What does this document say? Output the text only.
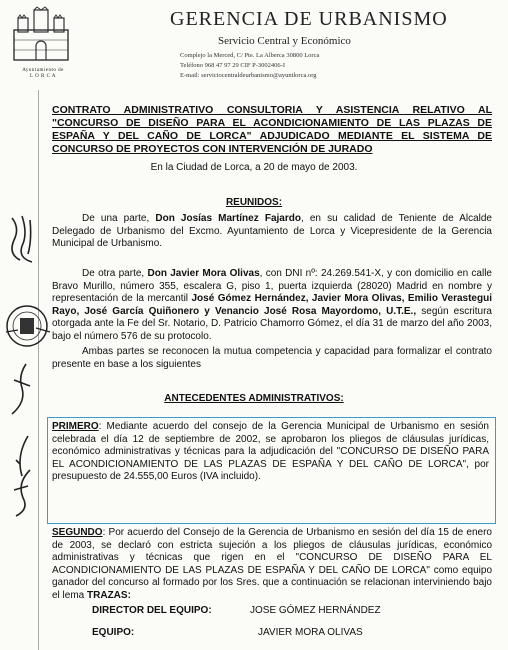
Ayuntamiento de
L O R C A
GERENCIA DE URBANISMO
Servicio Central y Económico
Complejo la Merced, C/ Pte. La Alberca 30800 Lorca
Teléfono 968 47 97 29 CIF P-3002406-I
E-mail: serviciocentraldeurbanismo@ayuntlorca.org

CONTRATO ADMINISTRATIVO CONSULTORIA Y ASISTENCIA RELATIVO AL "CONCURSO DE DISEÑO PARA EL ACONDICIONAMIENTO DE LAS PLAZAS DE ESPAÑA Y DEL CAÑO DE LORCA" ADJUDICADO MEDIANTE EL SISTEMA DE CONCURSO DE PROYECTOS CON INTERVENCIÓN DE JURADO

En la Ciudad de Lorca, a 20 de mayo de 2003.
REUNIDOS:

De una parte, Don Josías Martínez Fajardo, en su calidad de Teniente de Alcalde Delegado de Urbanismo del Excmo. Ayuntamiento de Lorca y Vicepresidente de la Gerencia Municipal de Urbanismo.

De otra parte, Don Javier Mora Olivas, con DNI nº: 24.269.541-X, y con domicilio en calle Bravo Murillo, número 355, escalera G, piso 1, puerta izquierda (28020) Madrid en nombre y representación de la mercantil José Gómez Hernández, Javier Mora Olivas, Emilio Verastegui Rayo, José García Quiñonero y Venancio José Rosa Mayordomo, U.T.E., según escritura otorgada ante la Fe del Sr. Notario, D. Patricio Chamorro Gómez, el día 31 de marzo del año 2003, bajo el número 576 de su protocolo.

Ambas partes se reconocen la mutua competencia y capacidad para formalizar el contrato presente en base a los siguientes

ANTECEDENTES ADMINISTRATIVOS:

PRIMERO: Mediante acuerdo del consejo de la Gerencia Municipal de Urbanismo en sesión celebrada el día 12 de septiembre de 2002, se aprobaron los pliegos de cláusulas jurídicas, económico administrativas y técnicas para la adjudicación del "CONCURSO DE DISEÑO PARA EL ACONDICIONAMIENTO DE LAS PLAZAS DE ESPAÑA Y DEL CAÑO DE LORCA", por presupuesto de 24.555,00 Euros (IVA incluido).

SEGUNDO: Por acuerdo del Consejo de la Gerencia de Urbanismo en sesión del día 15 de enero de 2003, se declaró con estricta sujeción a los pliegos de cláusulas jurídicas, económico administrativas y técnicas que rigen en el "CONCURSO DE DISEÑO PARA EL ACONDICIONAMIENTO DE LAS PLAZAS DE ESPAÑA Y DEL CAÑO DE LORCA" como equipo ganador del concurso al formado por los Sres. que a continuación se relacionan interviniendo bajo el lema TRAZAS:

DIRECTOR DEL EQUIPO:	JOSE GÓMEZ HERNÁNDEZ
EQUIPO:	JAVIER MORA OLIVAS
